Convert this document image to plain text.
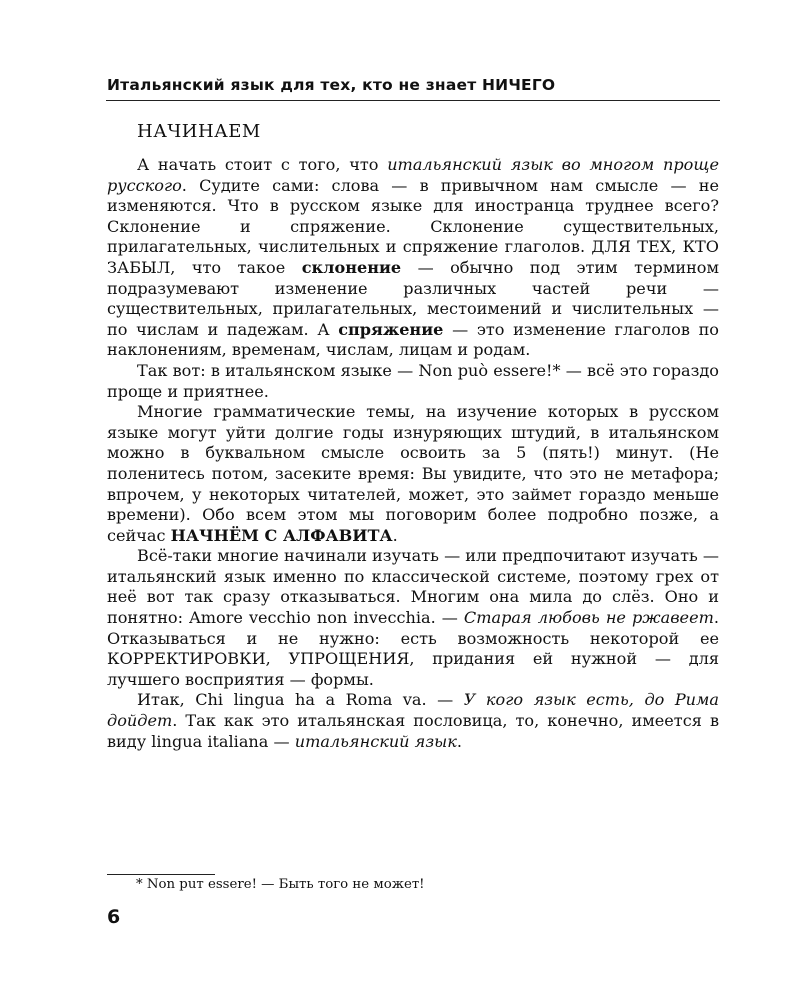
Итальянский язык для тех, кто не знает НИЧЕГО
НАЧИНАЕМ

А начать стоит с того, что итальянский язык во многом проще русского. Судите сами: слова — в привычном нам смысле — не изменяются. Что в русском языке для иностранца труднее всего? Склонение и спряжение. Склонение существительных, прилагательных, числительных и спряжение глаголов. ДЛЯ ТЕХ, КТО ЗАБЫЛ, что такое склонение — обычно под этим термином подразумевают изменение различных частей речи — существительных, прилагательных, местоимений и числительных — по числам и падежам. А спряжение — это изменение глаголов по наклонениям, временам, числам, лицам и родам.

Так вот: в итальянском языке — Non può essere!* — всё это гораздо проще и приятнее.

Многие грамматические темы, на изучение которых в русском языке могут уйти долгие годы изнуряющих штудий, в итальянском можно в буквальном смысле освоить за 5 (пять!) минут. (Не поленитесь потом, засеките время: Вы увидите, что это не метафора; впрочем, у некоторых читателей, может, это займет гораздо меньше времени). Обо всем этом мы поговорим более подробно позже, а сейчас НАЧНЁМ С АЛФАВИТА.

Всё-таки многие начинали изучать — или предпочитают изучать — итальянский язык именно по классической системе, поэтому грех от неё вот так сразу отказываться. Многим она мила до слёз. Оно и понятно: Amore vecchio non invecchia. — Старая любовь не ржавеет. Отказываться и не нужно: есть возможность некоторой ее КОРРЕКТИРОВКИ, УПРОЩЕНИЯ, придания ей нужной — для лучшего восприятия — формы.

Итак, Chi lingua ha a Roma va. — У кого язык есть, до Рима дойдет. Так как это итальянская пословица, то, конечно, имеется в виду lingua italiana — итальянский язык.

* Non puт essere! — Быть того не может!
6
